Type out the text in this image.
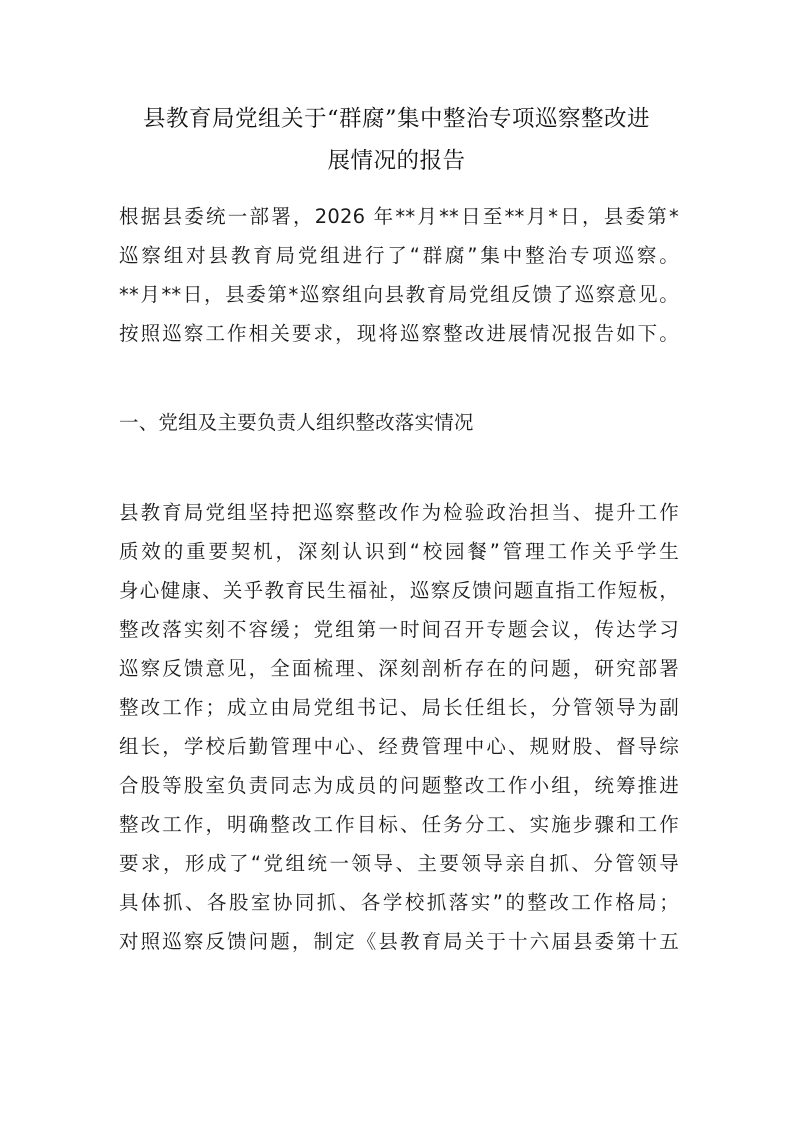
县教育局党组关于“群腐”集中整治专项巡察整改进
展情况的报告
根据县委统一部署，2026 年**月**日至**月*日，县委第*
巡察组对县教育局党组进行了“群腐”集中整治专项巡察。
**月**日，县委第*巡察组向县教育局党组反馈了巡察意见。
按照巡察工作相关要求，现将巡察整改进展情况报告如下。
一、党组及主要负责人组织整改落实情况
县教育局党组坚持把巡察整改作为检验政治担当、提升工作
质效的重要契机，深刻认识到“校园餐”管理工作关乎学生
身心健康、关乎教育民生福祉，巡察反馈问题直指工作短板，
整改落实刻不容缓；党组第一时间召开专题会议，传达学习
巡察反馈意见，全面梳理、深刻剖析存在的问题，研究部署
整改工作；成立由局党组书记、局长任组长，分管领导为副
组长，学校后勤管理中心、经费管理中心、规财股、督导综
合股等股室负责同志为成员的问题整改工作小组，统筹推进
整改工作，明确整改工作目标、任务分工、实施步骤和工作
要求，形成了“党组统一领导、主要领导亲自抓、分管领导
具体抓、各股室协同抓、各学校抓落实”的整改工作格局；
对照巡察反馈问题，制定《县教育局关于十六届县委第十五
